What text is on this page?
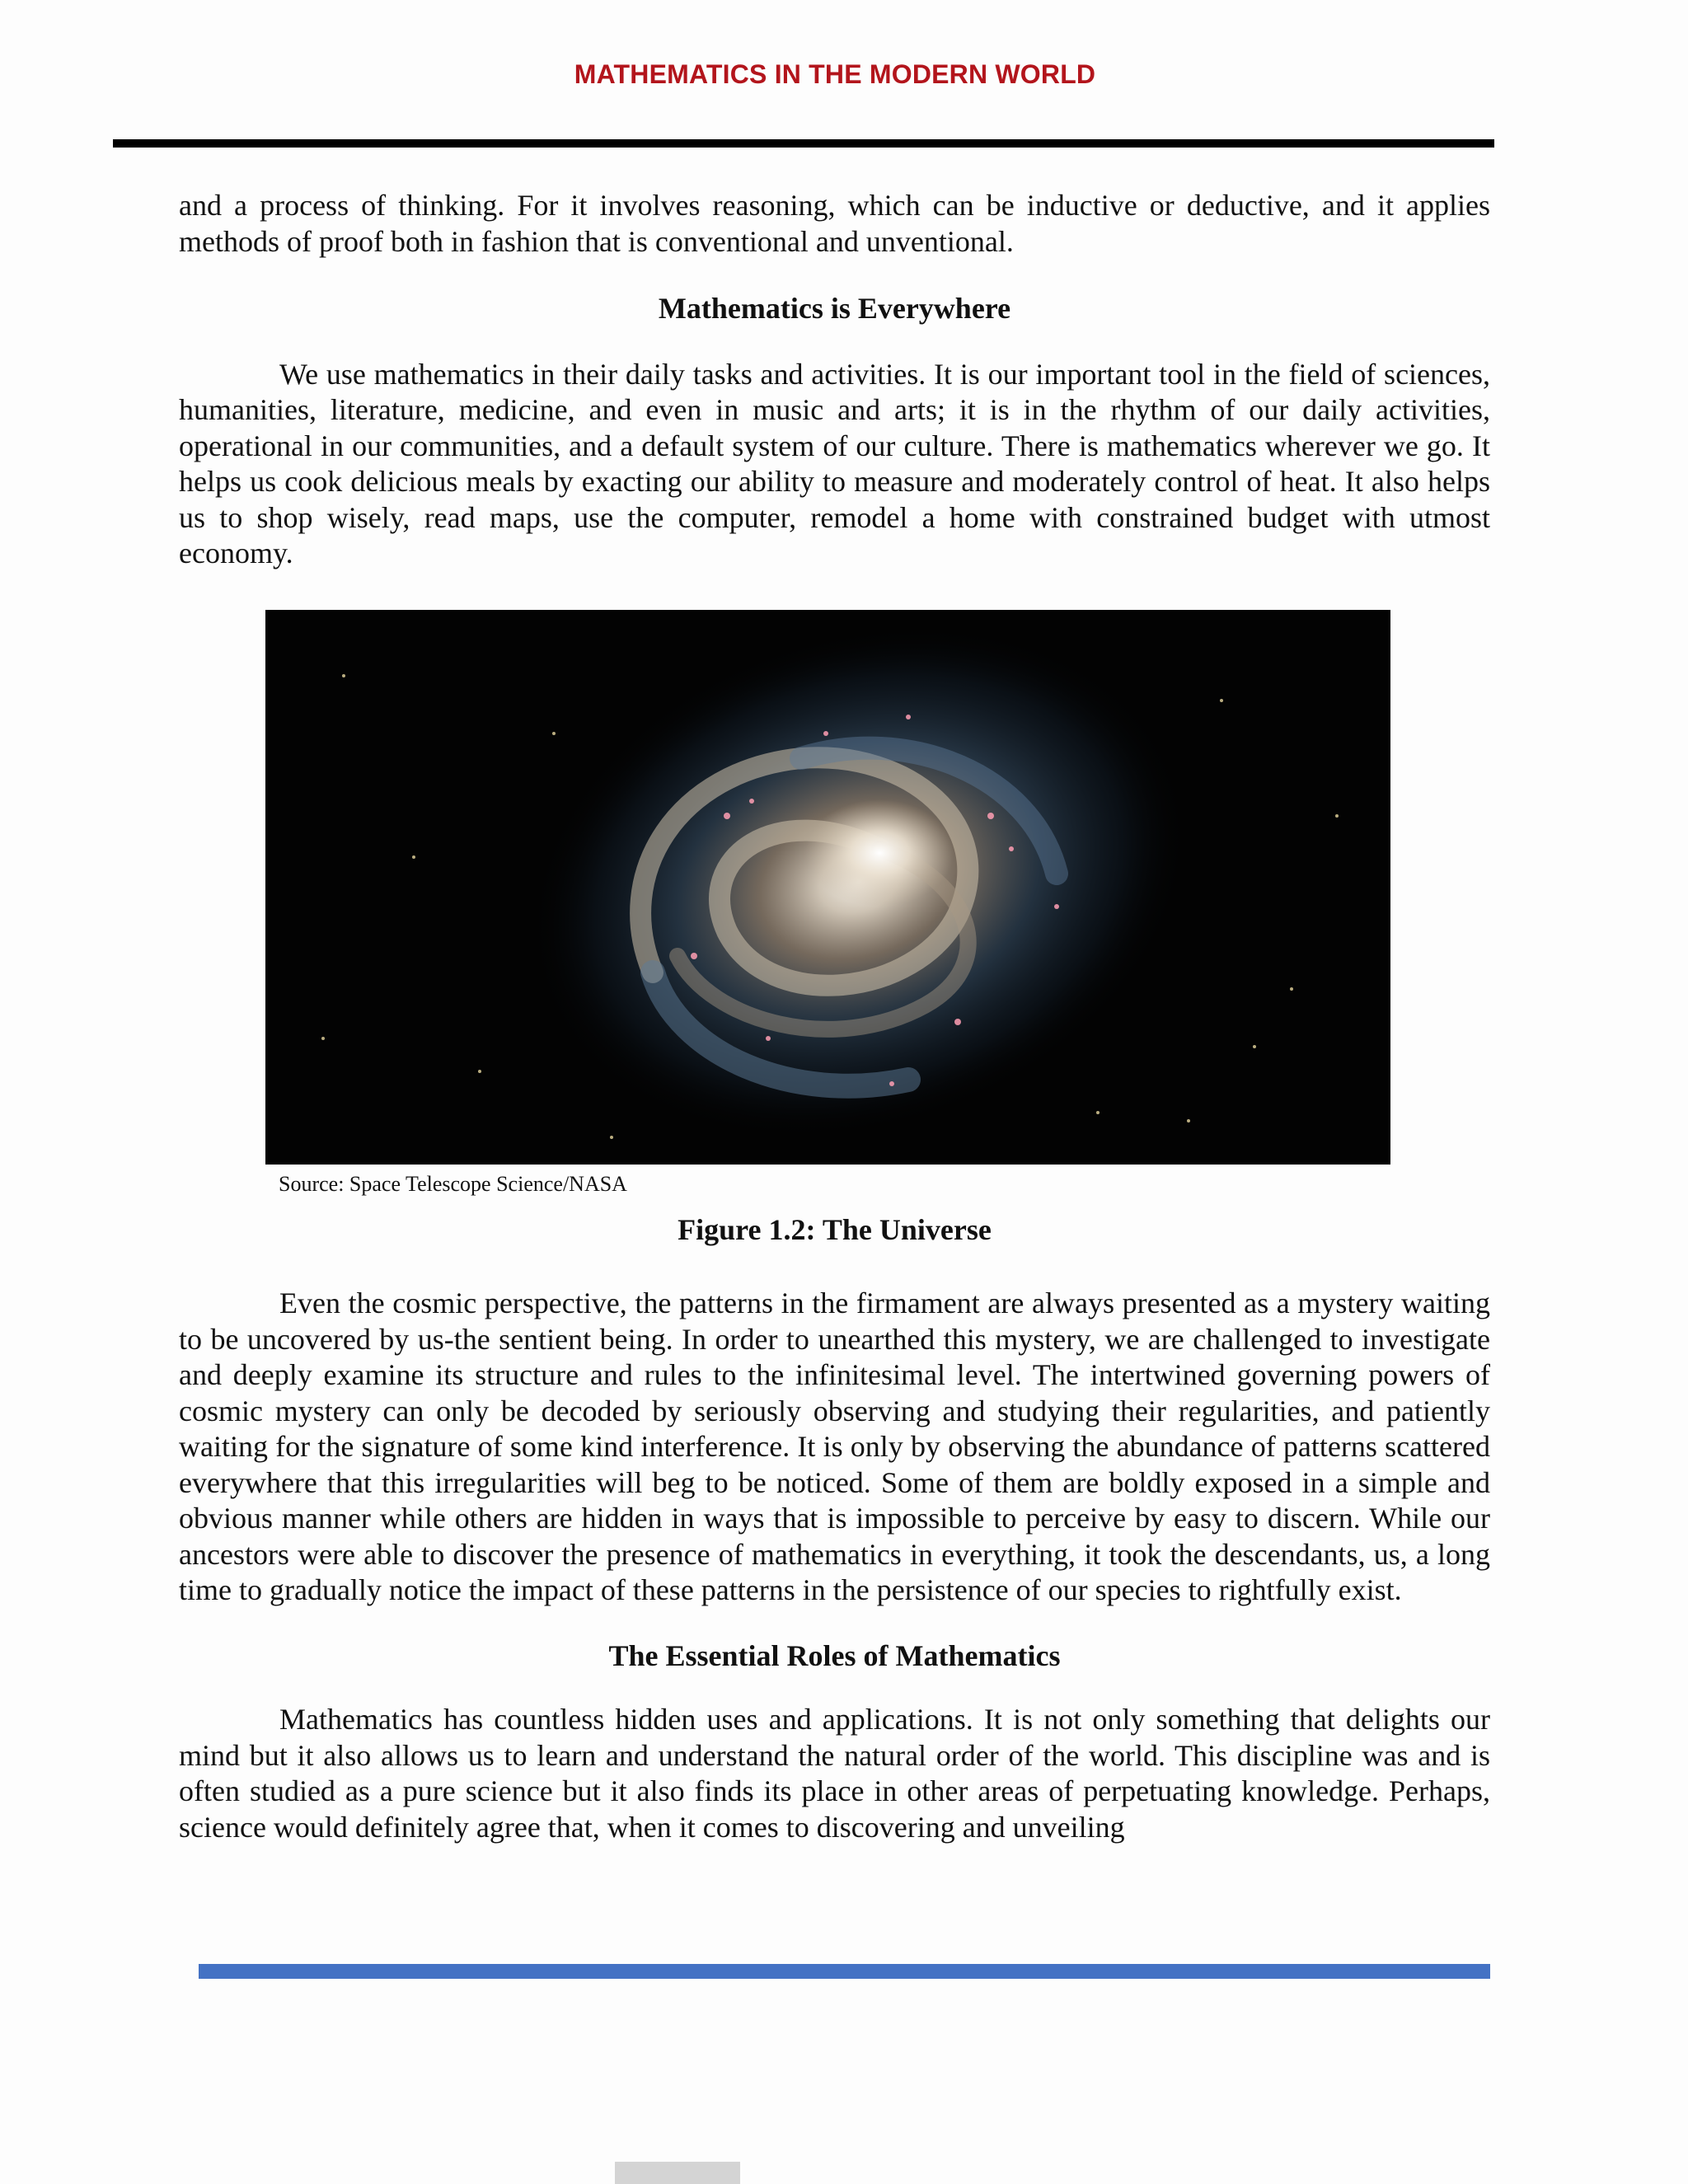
MATHEMATICS IN THE MODERN WORLD

and a process of thinking. For it involves reasoning, which can be inductive or deductive, and it applies methods of proof both in fashion that is conventional and unventional.

Mathematics is Everywhere

We use mathematics in their daily tasks and activities. It is our important tool in the field of sciences, humanities, literature, medicine, and even in music and arts; it is in the rhythm of our daily activities, operational in our communities, and a default system of our culture. There is mathematics wherever we go. It helps us cook delicious meals by exacting our ability to measure and moderately control of heat. It also helps us to shop wisely, read maps, use the computer, remodel a home with constrained budget with utmost economy.

Source: Space Telescope Science/NASA
Figure 1.2: The Universe

Even the cosmic perspective, the patterns in the firmament are always presented as a mystery waiting to be uncovered by us-the sentient being. In order to unearthed this mystery, we are challenged to investigate and deeply examine its structure and rules to the infinitesimal level. The intertwined governing powers of cosmic mystery can only be decoded by seriously observing and studying their regularities, and patiently waiting for the signature of some kind interference. It is only by observing the abundance of patterns scattered everywhere that this irregularities will beg to be noticed. Some of them are boldly exposed in a simple and obvious manner while others are hidden in ways that is impossible to perceive by easy to discern. While our ancestors were able to discover the presence of mathematics in everything, it took the descendants, us, a long time to gradually notice the impact of these patterns in the persistence of our species to rightfully exist.

The Essential Roles of Mathematics

Mathematics has countless hidden uses and applications. It is not only something that delights our mind but it also allows us to learn and understand the natural order of the world. This discipline was and is often studied as a pure science but it also finds its place in other areas of perpetuating knowledge. Perhaps, science would definitely agree that, when it comes to discovering and unveiling
